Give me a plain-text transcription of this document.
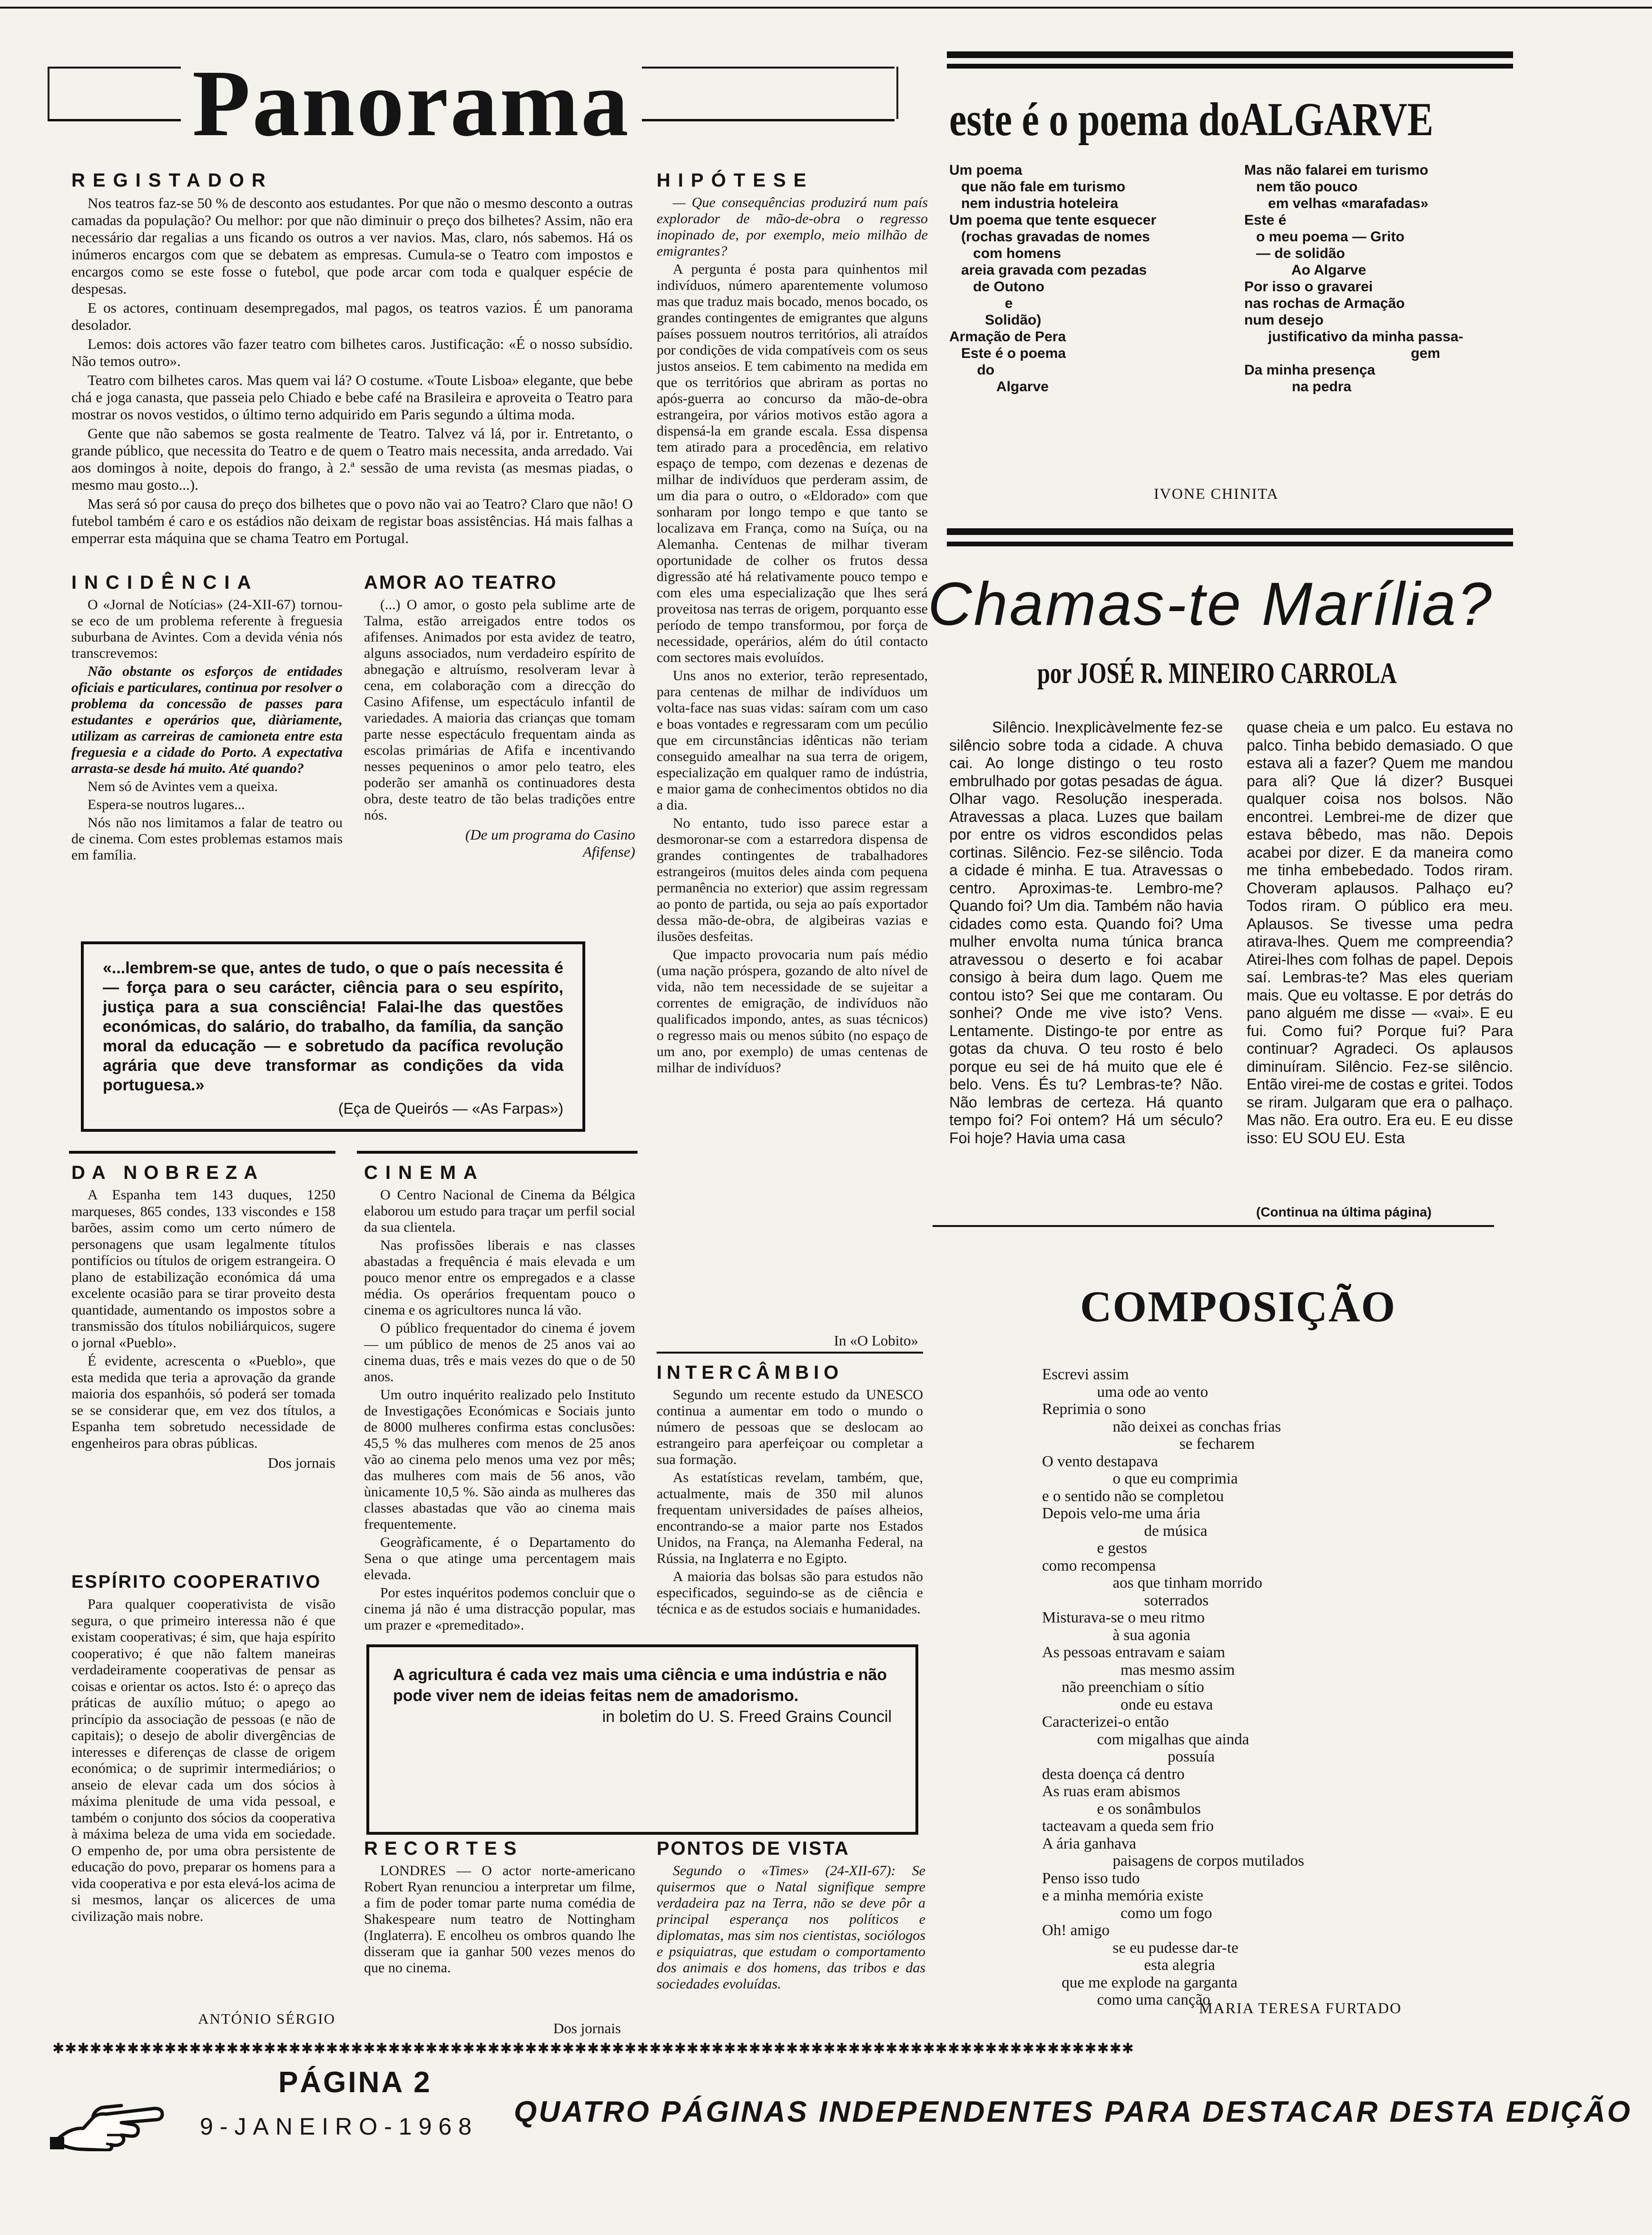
Panorama	este é o poema doALGARVE
REGISTADOR

Nos teatros faz-se 50 % de desconto aos estudantes. Por que não o mesmo desconto a outras camadas da população? Ou melhor: por que não diminuir o preço dos bilhetes? Assim, não era necessário dar regalias a uns ficando os outros a ver navios. Mas, claro, nós sabemos. Há os inúmeros encargos com que se debatem as empresas. Cumula-se o Teatro com impostos e encargos como se este fosse o futebol, que pode arcar com toda e qualquer espécie de despesas.

E os actores, continuam desempregados, mal pagos, os teatros vazios. É um panorama desolador.

Lemos: dois actores vão fazer teatro com bilhetes caros. Justificação: «É o nosso subsídio. Não temos outro».

Teatro com bilhetes caros. Mas quem vai lá? O costume. «Toute Lisboa» elegante, que bebe chá e joga canasta, que passeia pelo Chiado e bebe café na Brasileira e aproveita o Teatro para mostrar os novos vestidos, o último terno adquirido em Paris segundo a última moda.

Gente que não sabemos se gosta realmente de Teatro. Talvez vá lá, por ir. Entretanto, o grande público, que necessita do Teatro e de quem o Teatro mais necessita, anda arredado. Vai aos domingos à noite, depois do frango, à 2.ª sessão de uma revista (as mesmas piadas, o mesmo mau gosto...).

Mas será só por causa do preço dos bilhetes que o povo não vai ao Teatro? Claro que não! O futebol também é caro e os estádios não deixam de registar boas assistências. Há mais falhas a emperrar esta máquina que se chama Teatro em Portugal.

HIPÓTESE

— Que consequências produzirá num país explorador de mão-de-obra o regresso inopinado de, por exemplo, meio milhão de emigrantes?

A pergunta é posta para quinhentos mil indivíduos, número aparentemente volumoso mas que traduz mais bocado, menos bocado, os grandes contingentes de emigrantes que alguns países possuem noutros territórios, ali atraídos por condições de vida compatíveis com os seus justos anseios. E tem cabimento na medida em que os territórios que abriram as portas no após-guerra ao concurso da mão-de-obra estrangeira, por vários motivos estão agora a dispensá-la em grande escala. Essa dispensa tem atirado para a procedência, em relativo espaço de tempo, com dezenas e dezenas de milhar de indivíduos que perderam assim, de um dia para o outro, o «Eldorado» com que sonharam por longo tempo e que tanto se localizava em França, como na Suíça, ou na Alemanha. Centenas de milhar tiveram oportunidade de colher os frutos dessa digressão até há relativamente pouco tempo e com eles uma especialização que lhes será proveitosa nas terras de origem, porquanto esse período de tempo transformou, por força de necessidade, operários, além do útil contacto com sectores mais evoluídos.

Uns anos no exterior, terão representado, para centenas de milhar de indivíduos um volta-face nas suas vidas: saíram com um caso e boas vontades e regressaram com um pecúlio que em circunstâncias idênticas não teriam conseguido amealhar na sua terra de origem, especialização em qualquer ramo de indústria, e maior gama de conhecimentos obtidos no dia a dia.

No entanto, tudo isso parece estar a desmoronar-se com a estarredora dispensa de grandes contingentes de trabalhadores estrangeiros (muitos deles ainda com pequena permanência no exterior) que assim regressam ao ponto de partida, ou seja ao país exportador dessa mão-de-obra, de algibeiras vazias e ilusões desfeitas.

Que impacto provocaria num país médio (uma nação próspera, gozando de alto nível de vida, não tem necessidade de se sujeitar a correntes de emigração, de indivíduos não qualificados impondo, antes, as suas técnicos) o regresso mais ou menos súbito (no espaço de um ano, por exemplo) de umas centenas de milhar de indivíduos?

In «O Lobito»
Um poema
que não fale em turismo
nem industria hoteleira
Um poema que tente esquecer
(rochas gravadas de nomes
com homens
areia gravada com pezadas
de Outono
e
Solidão)
Armação de Pera
Este é o poema
do
Algarve
Mas não falarei em turismo
nem tão pouco
em velhas «marafadas»
Este é
o meu poema — Grito
— de solidão
Ao Algarve
Por isso o gravarei
nas rochas de Armação
num desejo
justificativo da minha passa-
gem
Da minha presença
na pedra
IVONE CHINITA
INCIDÊNCIA

O «Jornal de Notícias» (24-XII-67) tornou-se eco de um problema referente à freguesia suburbana de Avintes. Com a devida vénia nós transcrevemos:

Não obstante os esforços de entidades oficiais e particulares, continua por resolver o problema da concessão de passes para estudantes e operários que, diàriamente, utilizam as carreiras de camioneta entre esta freguesia e a cidade do Porto. A expectativa arrasta-se desde há muito. Até quando?

Nem só de Avintes vem a queixa.

Espera-se noutros lugares...

Nós não nos limitamos a falar de teatro ou de cinema. Com estes problemas estamos mais em família.

AMOR AO TEATRO

(...) O amor, o gosto pela sublime arte de Talma, estão arreigados entre todos os afifenses. Animados por esta avidez de teatro, alguns associados, num verdadeiro espírito de abnegação e altruísmo, resolveram levar à cena, em colaboração com a direcção do Casino Afifense, um espectáculo infantil de variedades. A maioria das crianças que tomam parte nesse espectáculo frequentam ainda as escolas primárias de Afifa e incentivando nesses pequeninos o amor pelo teatro, eles poderão ser amanhã os continuadores desta obra, deste teatro de tão belas tradições entre nós.

(De um programa do Casino Afifense)
«...lembrem-se que, antes de tudo, o que o país necessita é — força para o seu carácter, ciência para o seu espírito, justiça para a sua consciência! Falai-lhe das questões económicas, do salário, do trabalho, da família, da sanção moral da educação — e sobretudo da pacífica revolução agrária que deve transformar as condições da vida portuguesa.»
(Eça de Queirós — «As Farpas»)
Chamas-te Marília?
por JOSÉ R. MINEIRO CARROLA
Silêncio. Inexplicàvelmente fez-se silêncio sobre toda a cidade. A chuva cai. Ao longe distingo o teu rosto embrulhado por gotas pesadas de água. Olhar vago. Resolução inesperada. Atravessas a placa. Luzes que bailam por entre os vidros escondidos pelas cortinas. Silêncio. Fez-se silêncio. Toda a cidade é minha. E tua. Atravessas o centro. Aproximas-te. Lembro-me? Quando foi? Um dia. Também não havia cidades como esta. Quando foi? Uma mulher envolta numa túnica branca atravessou o deserto e foi acabar consigo à beira dum lago. Quem me contou isto? Sei que me contaram. Ou sonhei? Onde me vive isto? Vens. Lentamente. Distingo-te por entre as gotas da chuva. O teu rosto é belo porque eu sei de há muito que ele é belo. Vens. És tu? Lembras-te? Não. Não lembras de certeza. Há quanto tempo foi? Foi ontem? Há um século? Foi hoje? Havia uma casa
quase cheia e um palco. Eu estava no palco. Tinha bebido demasiado. O que estava ali a fazer? Quem me mandou para ali? Que lá dizer? Busquei qualquer coisa nos bolsos. Não encontrei. Lembrei-me de dizer que estava bêbedo, mas não. Depois acabei por dizer. E da maneira como me tinha embebedado. Todos riram. Choveram aplausos. Palhaço eu? Todos riram. O público era meu. Aplausos. Se tivesse uma pedra atirava-lhes. Quem me compreendia? Atirei-lhes com folhas de papel. Depois saí. Lembras-te? Mas eles queriam mais. Que eu voltasse. E por detrás do pano alguém me disse — «vai». E eu fui. Como fui? Porque fui? Para continuar? Agradeci. Os aplausos diminuíram. Silêncio. Fez-se silêncio. Então virei-me de costas e gritei. Todos se riram. Julgaram que era o palhaço. Mas não. Era outro. Era eu. E eu disse isso: EU SOU EU. Esta
(Continua na última página)
DA NOBREZA

A Espanha tem 143 duques, 1250 marqueses, 865 condes, 133 viscondes e 158 barões, assim como um certo número de personagens que usam legalmente títulos pontifícios ou títulos de origem estrangeira. O plano de estabilização económica dá uma excelente ocasião para se tirar proveito desta quantidade, aumentando os impostos sobre a transmissão dos títulos nobiliárquicos, sugere o jornal «Pueblo».

É evidente, acrescenta o «Pueblo», que esta medida que teria a aprovação da grande maioria dos espanhóis, só poderá ser tomada se se considerar que, em vez dos títulos, a Espanha tem sobretudo necessidade de engenheiros para obras públicas.

Dos jornais
CINEMA

O Centro Nacional de Cinema da Bélgica elaborou um estudo para traçar um perfil social da sua clientela.

Nas profissões liberais e nas classes abastadas a frequência é mais elevada e um pouco menor entre os empregados e a classe média. Os operários frequentam pouco o cinema e os agricultores nunca lá vão.

O público frequentador do cinema é jovem — um público de menos de 25 anos vai ao cinema duas, três e mais vezes do que o de 50 anos.

Um outro inquérito realizado pelo Instituto de Investigações Económicas e Sociais junto de 8000 mulheres confirma estas conclusões: 45,5 % das mulheres com menos de 25 anos vão ao cinema pelo menos uma vez por mês; das mulheres com mais de 56 anos, vão ùnicamente 10,5 %. São ainda as mulheres das classes abastadas que vão ao cinema mais frequentemente.

Geogràficamente, é o Departamento do Sena o que atinge uma percentagem mais elevada.

Por estes inquéritos podemos concluir que o cinema já não é uma distracção popular, mas um prazer e «premeditado».

INTERCÂMBIO

Segundo um recente estudo da UNESCO continua a aumentar em todo o mundo o número de pessoas que se deslocam ao estrangeiro para aperfeiçoar ou completar a sua formação.

As estatísticas revelam, também, que, actualmente, mais de 350 mil alunos frequentam universidades de países alheios, encontrando-se a maior parte nos Estados Unidos, na França, na Alemanha Federal, na Rússia, na Inglaterra e no Egipto.

A maioria das bolsas são para estudos não especificados, seguindo-se as de ciência e técnica e as de estudos sociais e humanidades.

ESPÍRITO COOPERATIVO

Para qualquer cooperativista de visão segura, o que primeiro interessa não é que existam cooperativas; é sim, que haja espírito cooperativo; é que não faltem maneiras verdadeiramente cooperativas de pensar as coisas e orientar os actos. Isto é: o apreço das práticas de auxílio mútuo; o apego ao princípio da associação de pessoas (e não de capitais); o desejo de abolir divergências de interesses e diferenças de classe de origem económica; o de suprimir intermediários; o anseio de elevar cada um dos sócios à máxima plenitude de uma vida pessoal, e também o conjunto dos sócios da cooperativa à máxima beleza de uma vida em sociedade. O empenho de, por uma obra persistente de educação do povo, preparar os homens para a vida cooperativa e por esta elevá-los acima de si mesmos, lançar os alicerces de uma civilização mais nobre.

ANTÓNIO SÉRGIO
A agricultura é cada vez mais uma ciência e uma indústria e não pode viver nem de ideias feitas nem de amadorismo.
in boletim do U. S. Freed Grains Council
RECORTES

LONDRES — O actor norte-americano Robert Ryan renunciou a interpretar um filme, a fim de poder tomar parte numa comédia de Shakespeare num teatro de Nottingham (Inglaterra). E encolheu os ombros quando lhe disseram que ia ganhar 500 vezes menos do que no cinema.

Dos jornais
PONTOS DE VISTA

Segundo o «Times» (24-XII-67): Se quisermos que o Natal signifique sempre verdadeira paz na Terra, não se deve pôr a principal esperança nos políticos e diplomatas, mas sim nos cientistas, sociólogos e psiquiatras, que estudam o comportamento dos animais e dos homens, das tribos e das sociedades evoluídas.

COMPOSIÇÃO
Escrevi assim
uma ode ao vento
Reprimia o sono
não deixei as conchas frias
se fecharem
O vento destapava
o que eu comprimia
e o sentido não se completou
Depois velo-me uma ária
de música
e gestos
como recompensa
aos que tinham morrido
soterrados
Misturava-se o meu ritmo
à sua agonia
As pessoas entravam e saiam
mas mesmo assim
não preenchiam o sítio
onde eu estava
Caracterizei-o então
com migalhas que ainda
possuía
desta doença cá dentro
As ruas eram abismos
e os sonâmbulos
tacteavam a queda sem frio
A ária ganhava
paisagens de corpos mutilados
Penso isso tudo
e a minha memória existe
como um fogo
Oh! amigo
se eu pudesse dar-te
esta alegria
que me explode na garganta
como uma canção
MARIA TERESA FURTADO
✱✱✱✱✱✱✱✱✱✱✱✱✱✱✱✱✱✱✱✱✱✱✱✱✱✱✱✱✱✱✱✱✱✱✱✱✱✱✱✱✱✱✱✱✱✱✱✱✱✱✱✱✱✱✱✱✱✱✱✱✱✱✱✱✱✱✱✱✱✱✱✱✱✱✱✱✱✱✱✱✱✱✱✱✱✱✱
PÁGINA 2
9-JANEIRO-1968 QUATRO PÁGINAS INDEPENDENTES PARA DESTACAR DESTA EDIÇÃO
